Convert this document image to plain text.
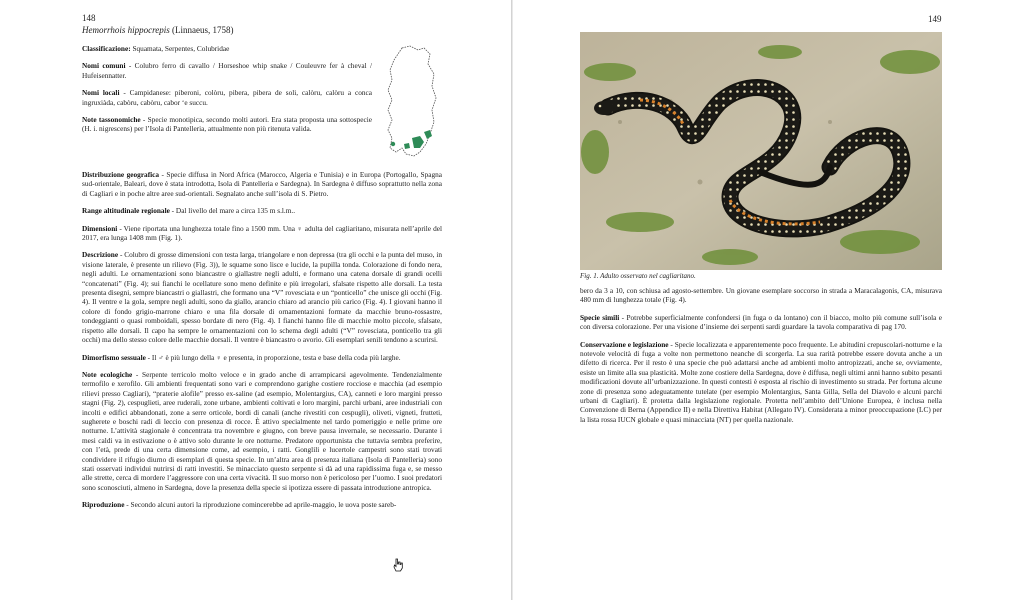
148
Hemorrhois hippocrepis (Linnaeus, 1758)

Classificazione: Squamata, Serpentes, Colubridae

Nomi comuni - Colubro ferro di cavallo / Horseshoe whip snake / Couleuvre fer à cheval / Hufeisennatter.

Nomi locali - Campidanese: piberoni, colòru, pibera, pibera de soli, calòru, calòru a conca ingruxiàda, cabòru, cabòru, cabor ‘e succu.

Note tassonomiche - Specie monotipica, secondo molti autori. Era stata proposta una sottospecie (H. i. nigrescens) per l’Isola di Pantelleria, attualmente non più ritenuta valida.

Distribuzione geografica - Specie diffusa in Nord Africa (Marocco, Algeria e Tunisia) e in Europa (Portogallo, Spagna sud-orientale, Baleari, dove è stata introdotta, Isola di Pantelleria e Sardegna). In Sardegna è diffuso soprattutto nella zona di Cagliari e in poche altre aree sud-orientali. Segnalato anche sull’isola di S. Pietro.

Range altitudinale regionale - Dal livello del mare a circa 135 m s.l.m..

Dimensioni - Viene riportata una lunghezza totale fino a 1500 mm. Una ♀ adulta del cagliaritano, misurata nell’aprile del 2017, era lunga 1408 mm (Fig. 1).

Descrizione - Colubro di grosse dimensioni con testa larga, triangolare e non depressa (tra gli occhi e la punta del muso, in visione laterale, è presente un rilievo (Fig. 3)), le squame sono lisce e lucide, la pupilla tonda. Colorazione di fondo nera, negli adulti. Le ornamentazioni sono biancastre o giallastre negli adulti, e formano una catena dorsale di grandi ocelli “concatenati” (Fig. 4); sui fianchi le ocellature sono meno definite e più irregolari, sfalsate rispetto alle dorsali. La testa presenta disegni, sempre biancastri o giallastri, che formano una “V” rovesciata e un “ponticello” che unisce gli occhi (Fig. 4). Il ventre e la gola, sempre negli adulti, sono da giallo, arancio chiaro ad arancio più carico (Fig. 4). I giovani hanno il colore di fondo grigio-marrone chiaro e una fila dorsale di ornamentazioni formate da macchie bruno-rossastre, tondeggianti o quasi romboidali, spesso bordate di nero (Fig. 4). I fianchi hanno file di macchie molto piccole, sfalsate, rispetto alle dorsali. Il capo ha sempre le ornamentazioni con lo schema degli adulti (“V” rovesciata, ponticello tra gli occhi) ma dello stesso colore delle macchie dorsali. Il ventre è biancastro o avorio. Gli esemplari senili tendono a scurirsi.

Dimorfismo sessuale - Il ♂ è più lungo della ♀ e presenta, in proporzione, testa e base della coda più larghe.

Note ecologiche - Serpente terricolo molto veloce e in grado anche di arrampicarsi agevolmente. Tendenzialmente termofilo e xerofilo. Gli ambienti frequentati sono vari e comprendono garighe costiere rocciose e macchia (ad esempio rilievi presso Cagliari), “praterie alofile” presso ex-saline (ad esempio, Molentargius, CA), canneti e loro margini presso stagni (Fig. 2), cespuglieti, aree ruderali, zone urbane, ambienti coltivati e loro margini, parchi urbani, aree industriali con incolti e edifici abbandonati, zone a serre orticole, bordi di canali (anche rivestiti con cespugli), oliveti, vigneti, frutteti, sugherete e boschi radi di leccio con presenza di rocce. È attivo specialmente nel tardo pomeriggio e nelle prime ore notturne. L’attività stagionale è concentrata tra novembre e giugno, con breve pausa invernale, se necessario. Durante i mesi caldi va in estivazione o è attivo solo durante le ore notturne. Predatore opportunista che tuttavia sembra preferire, con l’età, prede di una certa dimensione come, ad esempio, i ratti. Gonglili e lucertole campestri sono stati trovati condividere il rifugio diurno di esemplari di questa specie. In un’altra area di presenza italiana (Isola di Pantelleria) sono stati osservati individui nutrirsi di ratti investiti. Se minacciato questo serpente si dà ad una rapidissima fuga e, se messo alle strette, cerca di mordere l’aggressore con una certa vivacità. Il suo morso non è pericoloso per l’uomo. I suoi predatori sono sconosciuti, almeno in Sardegna, dove la presenza della specie si ipotizza essere di passata introduzione antropica.

Riproduzione - Secondo alcuni autori la riproduzione comincerebbe ad aprile-maggio, le uova poste sareb-

149
Fig. 1. Adulto osservato nel cagliaritano.

bero da 3 a 10, con schiusa ad agosto-settembre. Un giovane esemplare soccorso in strada a Maracalagonis, CA, misurava 480 mm di lunghezza totale (Fig. 4).

Specie simili - Potrebbe superficialmente confondersi (in fuga o da lontano) con il biacco, molto più comune sull’isola e con diversa colorazione. Per una visione d’insieme dei serpenti sardi guardare la tavola comparativa di pag 170.

Conservazione e legislazione - Specie localizzata e apparentemente poco frequente. Le abitudini crepuscolari-notturne e la notevole velocità di fuga a volte non permettono neanche di scorgerla. La sua rarità potrebbe essere dovuta anche a un difetto di ricerca. Per il resto è una specie che può adattarsi anche ad ambienti molto antropizzati, anche se, ovviamente, esiste un limite alla sua plasticità. Molte zone costiere della Sardegna, dove è diffusa, negli ultimi anni hanno subito pesanti modificazioni dovute all’urbanizzazione. In questi contesti è esposta al rischio di investimento su strada. Per fortuna alcune zone di presenza sono adeguatamente tutelate (per esempio Molentargius, Santa Gilla, Sella del Diavolo e alcuni parchi urbani di Cagliari). È protetta dalla legislazione regionale. Protetta nell’ambito dell’Unione Europea, è inclusa nella Convenzione di Berna (Appendice II) e nella Direttiva Habitat (Allegato IV). Considerata a minor preoccupazione (LC) per la lista rossa IUCN globale e quasi minacciata (NT) per quella nazionale.
